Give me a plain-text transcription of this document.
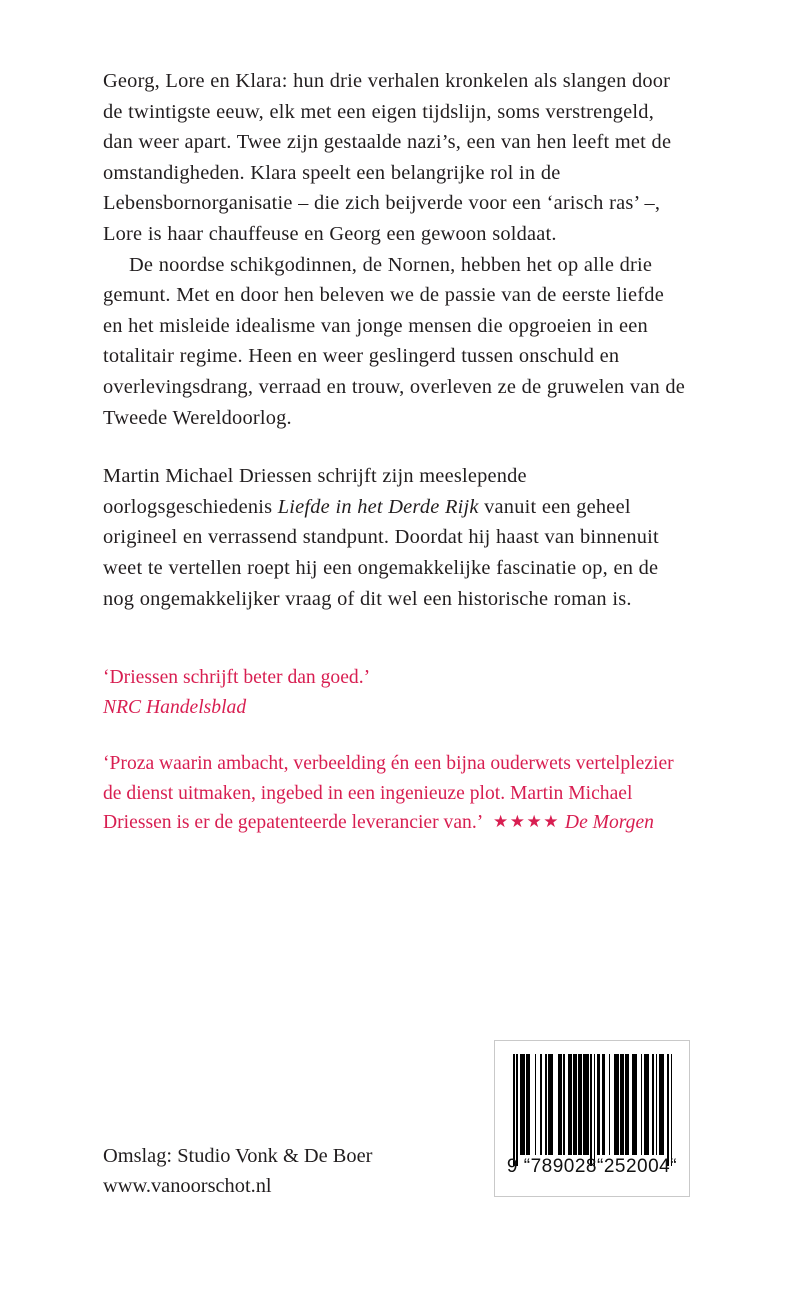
Georg, Lore en Klara: hun drie verhalen kronkelen als slangen door de twintigste eeuw, elk met een eigen tijdslijn, soms verstrengeld, dan weer apart. Twee zijn gestaalde nazi’s, een van hen leeft met de omstandigheden. Klara speelt een belangrijke rol in de Lebensbornorganisatie – die zich beijverde voor een ‘arisch ras’ –, Lore is haar chauffeuse en Georg een gewoon soldaat.

De noordse schikgodinnen, de Nornen, hebben het op alle drie gemunt. Met en door hen beleven we de passie van de eerste liefde en het misleide idealisme van jonge mensen die opgroeien in een totalitair regime. Heen en weer geslingerd tussen onschuld en overlevingsdrang, verraad en trouw, overleven ze de gruwelen van de Tweede Wereldoorlog.

Martin Michael Driessen schrijft zijn meeslepende oorlogsgeschiedenis Liefde in het Derde Rijk vanuit een geheel origineel en verrassend standpunt. Doordat hij haast van binnenuit weet te vertellen roept hij een ongemakkelijke fascinatie op, en de nog ongemakkelijker vraag of dit wel een historische roman is.

‘Driessen schrijft beter dan goed.’
NRC Handelsblad

‘Proza waarin ambacht, verbeelding én een bijna ouderwets vertelplezier de dienst uitmaken, ingebed in een ingenieuze plot. Martin Michael Driessen is er de gepatenteerde leverancier van.’ ★★★★ De Morgen

9 “789028“252004“
Omslag: Studio Vonk & De Boer
www.vanoorschot.nl
